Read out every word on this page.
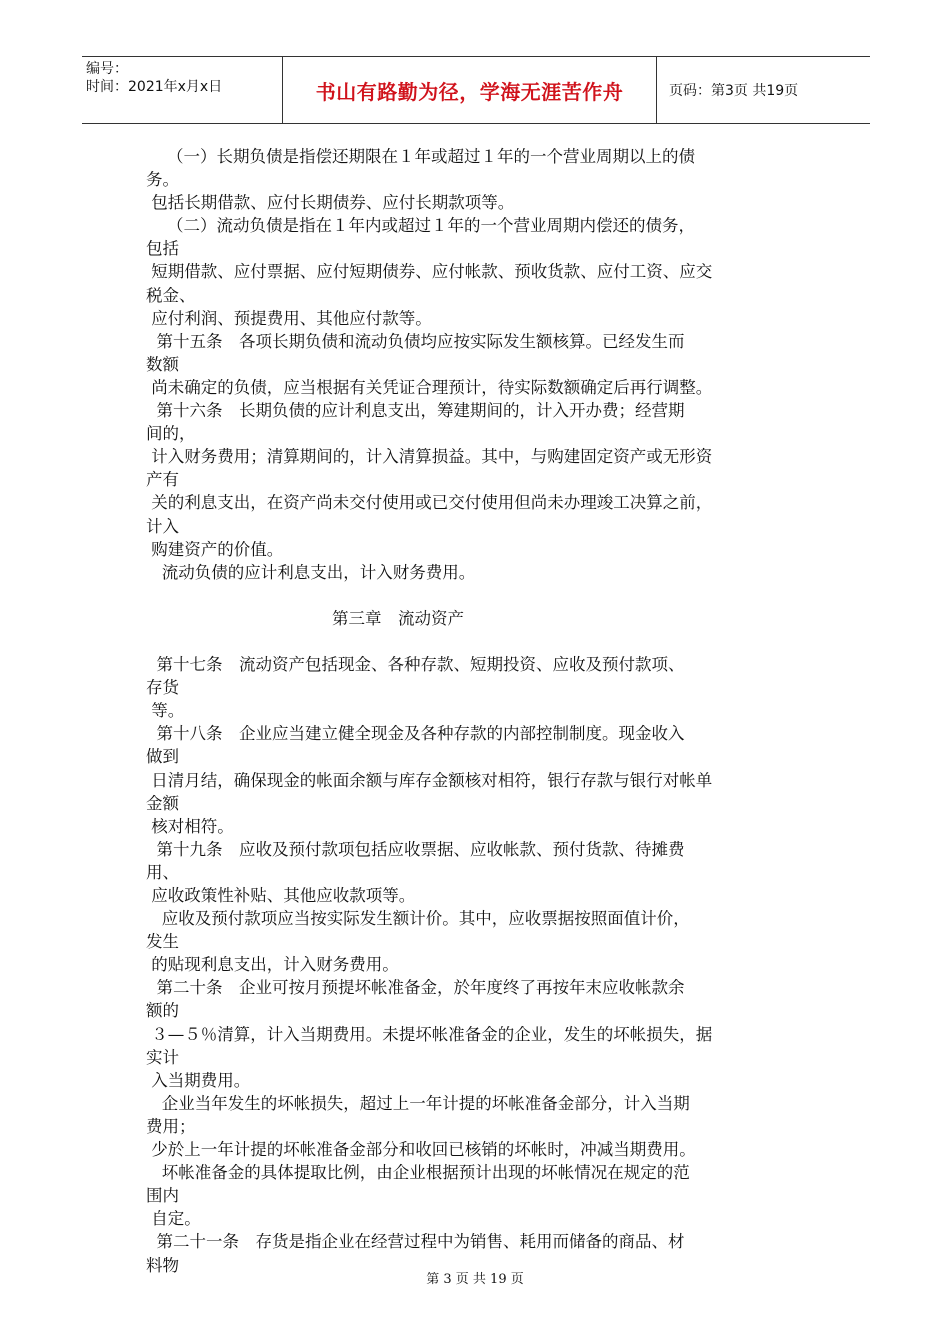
编号：
时间：2021年x月x日	书山有路勤为径，学海无涯苦作舟	页码：第3页 共19页
（一）长期负债是指偿还期限在１年或超过１年的一个营业周期以上的债
务。
包括长期借款、应付长期债券、应付长期款项等。
（二）流动负债是指在１年内或超过１年的一个营业周期内偿还的债务，
包括
短期借款、应付票据、应付短期债券、应付帐款、预收货款、应付工资、应交
税金、
应付利润、预提费用、其他应付款等。
第十五条　各项长期负债和流动负债均应按实际发生额核算。已经发生而
数额
尚未确定的负债，应当根据有关凭证合理预计，待实际数额确定后再行调整。
第十六条　长期负债的应计利息支出，筹建期间的，计入开办费；经营期
间的，
计入财务费用；清算期间的，计入清算损益。其中，与购建固定资产或无形资
产有
关的利息支出，在资产尚未交付使用或已交付使用但尚未办理竣工决算之前，
计入
购建资产的价值。
流动负债的应计利息支出，计入财务费用。
第三章　流动资产
第十七条　流动资产包括现金、各种存款、短期投资、应收及预付款项、
存货
等。
第十八条　企业应当建立健全现金及各种存款的内部控制制度。现金收入
做到
日清月结，确保现金的帐面余额与库存金额核对相符，银行存款与银行对帐单
金额
核对相符。
第十九条　应收及预付款项包括应收票据、应收帐款、预付货款、待摊费
用、
应收政策性补贴、其他应收款项等。
应收及预付款项应当按实际发生额计价。其中，应收票据按照面值计价，
发生
的贴现利息支出，计入财务费用。
第二十条　企业可按月预提坏帐准备金，於年度终了再按年末应收帐款余
额的
３—５％清算，计入当期费用。未提坏帐准备金的企业，发生的坏帐损失，据
实计
入当期费用。
企业当年发生的坏帐损失，超过上一年计提的坏帐准备金部分，计入当期
费用；
少於上一年计提的坏帐准备金部分和收回已核销的坏帐时，冲减当期费用。
坏帐准备金的具体提取比例，由企业根据预计出现的坏帐情况在规定的范
围内
自定。
第二十一条　存货是指企业在经营过程中为销售、耗用而储备的商品、材
料物
第 3 页 共 19 页
